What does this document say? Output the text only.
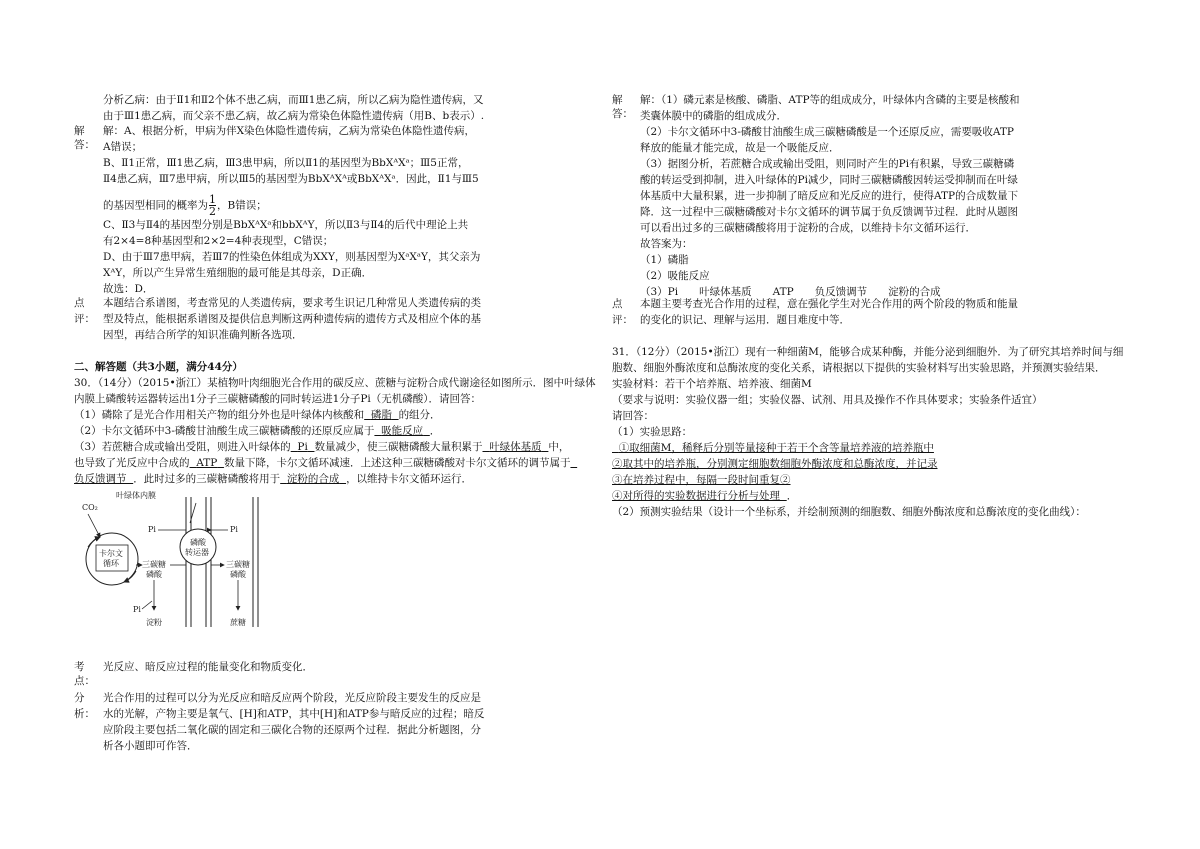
分析乙病：由于Ⅱ1和Ⅱ2个体不患乙病，而Ⅲ1患乙病，所以乙病为隐性遗传病，又
由于Ⅲ1患乙病，而父亲不患乙病，故乙病为常染色体隐性遗传病（用B、b表示）.
解
答：
解：A、根据分析，甲病为伴X染色体隐性遗传病，乙病为常染色体隐性遗传病，
A错误；
B、Ⅱ1正常，Ⅲ1患乙病，Ⅲ3患甲病，所以Ⅱ1的基因型为BbXᴬXᵃ；Ⅲ5正常，
Ⅱ4患乙病，Ⅲ7患甲病，所以Ⅲ5的基因型为BbXᴬXᴬ或BbXᴬXᵃ．因此，Ⅱ1与Ⅲ5
的基因型相同的概率为 $\frac{1}{2}$ ，B错误；
C、Ⅱ3与Ⅱ4的基因型分别是BbXᴬXᵃ和bbXᴬY，所以Ⅱ3与Ⅱ4的后代中理论上共
有2×4=8种基因型和2×2=4种表现型，C错误；
D、由于Ⅲ7患甲病，若Ⅲ7的性染色体组成为XXY，则基因型为XᵃXᵃY，其父亲为
XᴬY，所以产生异常生殖细胞的最可能是其母亲，D正确．
故选：D．
点
评：
本题结合系谱图，考查常见的人类遗传病，要求考生识记几种常见人类遗传病的类
型及特点，能根据系谱图及提供信息判断这两种遗传病的遗传方式及相应个体的基
因型，再结合所学的知识准确判断各选项．
二、解答题（共3小题，满分44分）
30．（14分）（2015•浙江）某植物叶肉细胞光合作用的碳反应、蔗糖与淀粉合成代谢途径如图所示．图中叶绿体
内膜上磷酸转运器转运出1分子三碳糖磷酸的同时转运进1分子Pi（无机磷酸）．请回答：
（1）磷除了是光合作用相关产物的组分外也是叶绿体内核酸和 磷脂 的组分．
（2）卡尔文循环中3-磷酸甘油酸生成三碳糖磷酸的还原反应属于 吸能反应 ．
（3）若蔗糖合成或输出受阻，则进入叶绿体的 Pi 数量减少，使三碳糖磷酸大量积累于 叶绿体基质 中，
也导致了光反应中合成的 ATP 数量下降，卡尔文循环减速．上述这种三碳糖磷酸对卡尔文循环的调节属于
负反馈调节 ．此时过多的三碳糖磷酸将用于 淀粉的合成 ，以维持卡尔文循环运行．
叶绿体内膜
CO₂
卡尔文
循环
Pi	Pi
磷酸
转运器
三碳糖
磷酸
三碳糖
磷酸
Pi
淀粉	蔗糖
考
点：
光反应、暗反应过程的能量变化和物质变化．
分
析：
光合作用的过程可以分为光反应和暗反应两个阶段，光反应阶段主要发生的反应是
水的光解，产物主要是氧气、[H]和ATP，其中[H]和ATP参与暗反应的过程；暗反
应阶段主要包括二氧化碳的固定和三碳化合物的还原两个过程．据此分析题图，分
析各小题即可作答．
解
答：
解：（1）磷元素是核酸、磷脂、ATP等的组成成分，叶绿体内含磷的主要是核酸和
类囊体膜中的磷脂的组成成分．
（2）卡尔文循环中3-磷酸甘油酸生成三碳糖磷酸是一个还原反应，需要吸收ATP
释放的能量才能完成，故是一个吸能反应．
（3）据图分析，若蔗糖合成或输出受阻，则同时产生的Pi有积累，导致三碳糖磷
酸的转运受到抑制，进入叶绿体的Pi减少，同时三碳糖磷酸因转运受抑制而在叶绿
体基质中大量积累，进一步抑制了暗反应和光反应的进行，使得ATP的合成数量下
降．这一过程中三碳糖磷酸对卡尔文循环的调节属于负反馈调节过程．此时从题图
可以看出过多的三碳糖磷酸将用于淀粉的合成，以维持卡尔文循环运行．
故答案为：
（1）磷脂
（2）吸能反应
（3）Pi　　叶绿体基质　　ATP　　负反馈调节　　淀粉的合成
点
评：
本题主要考查光合作用的过程，意在强化学生对光合作用的两个阶段的物质和能量
的变化的识记、理解与运用．题目难度中等．
31．（12分）（2015•浙江）现有一种细菌M，能够合成某种酶，并能分泌到细胞外．为了研究其培养时间与细
胞数、细胞外酶浓度和总酶浓度的变化关系，请根据以下提供的实验材料写出实验思路，并预测实验结果．
实验材料：若干个培养瓶、培养液、细菌M
（要求与说明：实验仪器一组；实验仪器、试剂、用具及操作不作具体要求；实验条件适宜）
请回答：
（1）实验思路：
①取细菌M，稀释后分别等量接种于若干个含等量培养液的培养瓶中
②取其中的培养瓶，分别测定细胞数细胞外酶浓度和总酶浓度，并记录
③在培养过程中，每隔一段时间重复②
④对所得的实验数据进行分析与处理 ．
（2）预测实验结果（设计一个坐标系，并绘制预测的细胞数、细胞外酶浓度和总酶浓度的变化曲线）：
